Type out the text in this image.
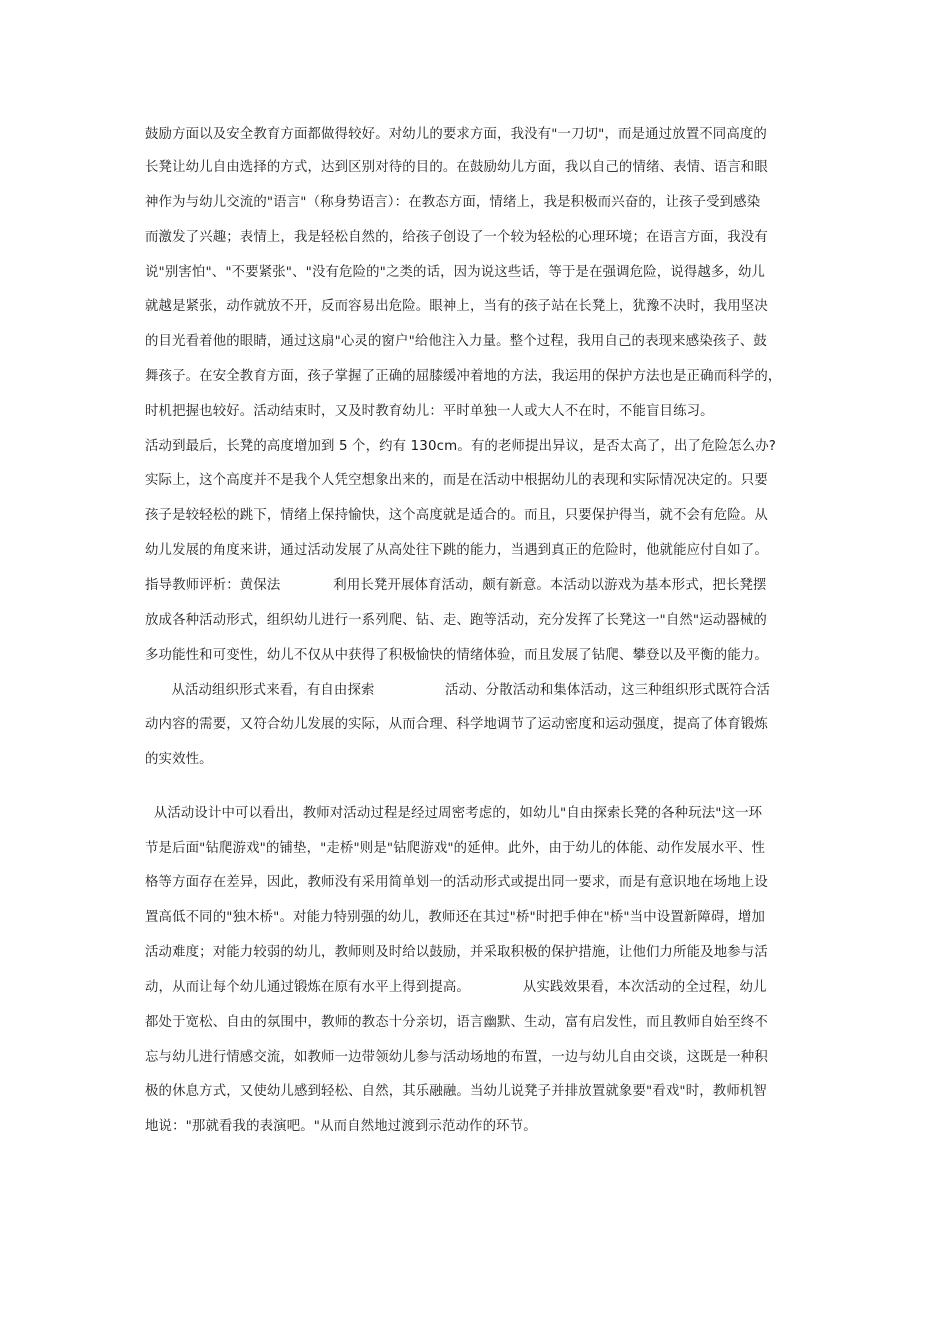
鼓励方面以及安全教育方面都做得较好。对幼儿的要求方面，我没有"一刀切"，而是通过放置不同高度的
长凳让幼儿自由选择的方式，达到区别对待的目的。在鼓励幼儿方面，我以自己的情绪、表情、语言和眼
神作为与幼儿交流的"语言"（称身势语言）：在教态方面，情绪上，我是积极而兴奋的，让孩子受到感染
而激发了兴趣；表情上，我是轻松自然的，给孩子创设了一个较为轻松的心理环境；在语言方面，我没有
说"别害怕"、"不要紧张"、"没有危险的"之类的话，因为说这些话，等于是在强调危险，说得越多，幼儿
就越是紧张，动作就放不开，反而容易出危险。眼神上，当有的孩子站在长凳上，犹豫不决时，我用坚决
的目光看着他的眼睛，通过这扇"心灵的窗户"给他注入力量。整个过程，我用自己的表现来感染孩子、鼓
舞孩子。在安全教育方面，孩子掌握了正确的屈膝缓冲着地的方法，我运用的保护方法也是正确而科学的，
时机把握也较好。活动结束时，又及时教育幼儿：平时单独一人或大人不在时，不能盲目练习。
活动到最后，长凳的高度增加到 5 个，约有 130cm。有的老师提出异议，是否太高了，出了危险怎么办?
实际上，这个高度并不是我个人凭空想象出来的，而是在活动中根据幼儿的表现和实际情况决定的。只要
孩子是较轻松的跳下，情绪上保持愉快，这个高度就是适合的。而且，只要保护得当，就不会有危险。从
幼儿发展的角度来讲，通过活动发展了从高处往下跳的能力，当遇到真正的危险时，他就能应付自如了。
指导教师评析：黄保法            利用长凳开展体育活动，颇有新意。本活动以游戏为基本形式，把长凳摆
放成各种活动形式，组织幼儿进行一系列爬、钻、走、跑等活动，充分发挥了长凳这一"自然"运动器械的
多功能性和可变性，幼儿不仅从中获得了积极愉快的情绪体验，而且发展了钻爬、攀登以及平衡的能力。
从活动组织形式来看，有自由探索                活动、分散活动和集体活动，这三种组织形式既符合活
动内容的需要，又符合幼儿发展的实际，从而合理、科学地调节了运动密度和运动强度，提高了体育锻炼
的实效性。
从活动设计中可以看出，教师对活动过程是经过周密考虑的，如幼儿"自由探索长凳的各种玩法"这一环
节是后面"钻爬游戏"的铺垫，"走桥"则是"钻爬游戏"的延伸。此外，由于幼儿的体能、动作发展水平、性
格等方面存在差异，因此，教师没有采用简单划一的活动形式或提出同一要求，而是有意识地在场地上设
置高低不同的"独木桥"。对能力特别强的幼儿，教师还在其过"桥"时把手伸在"桥"当中设置新障碍，增加
活动难度；对能力较弱的幼儿，教师则及时给以鼓励，并采取积极的保护措施，让他们力所能及地参与活
动，从而让每个幼儿通过锻炼在原有水平上得到提高。            从实践效果看，本次活动的全过程，幼儿
都处于宽松、自由的氛围中，教师的教态十分亲切，语言幽默、生动，富有启发性，而且教师自始至终不
忘与幼儿进行情感交流，如教师一边带领幼儿参与活动场地的布置，一边与幼儿自由交谈，这既是一种积
极的休息方式，又使幼儿感到轻松、自然，其乐融融。当幼儿说凳子并排放置就象要"看戏"时，教师机智
地说："那就看我的表演吧。"从而自然地过渡到示范动作的环节。
